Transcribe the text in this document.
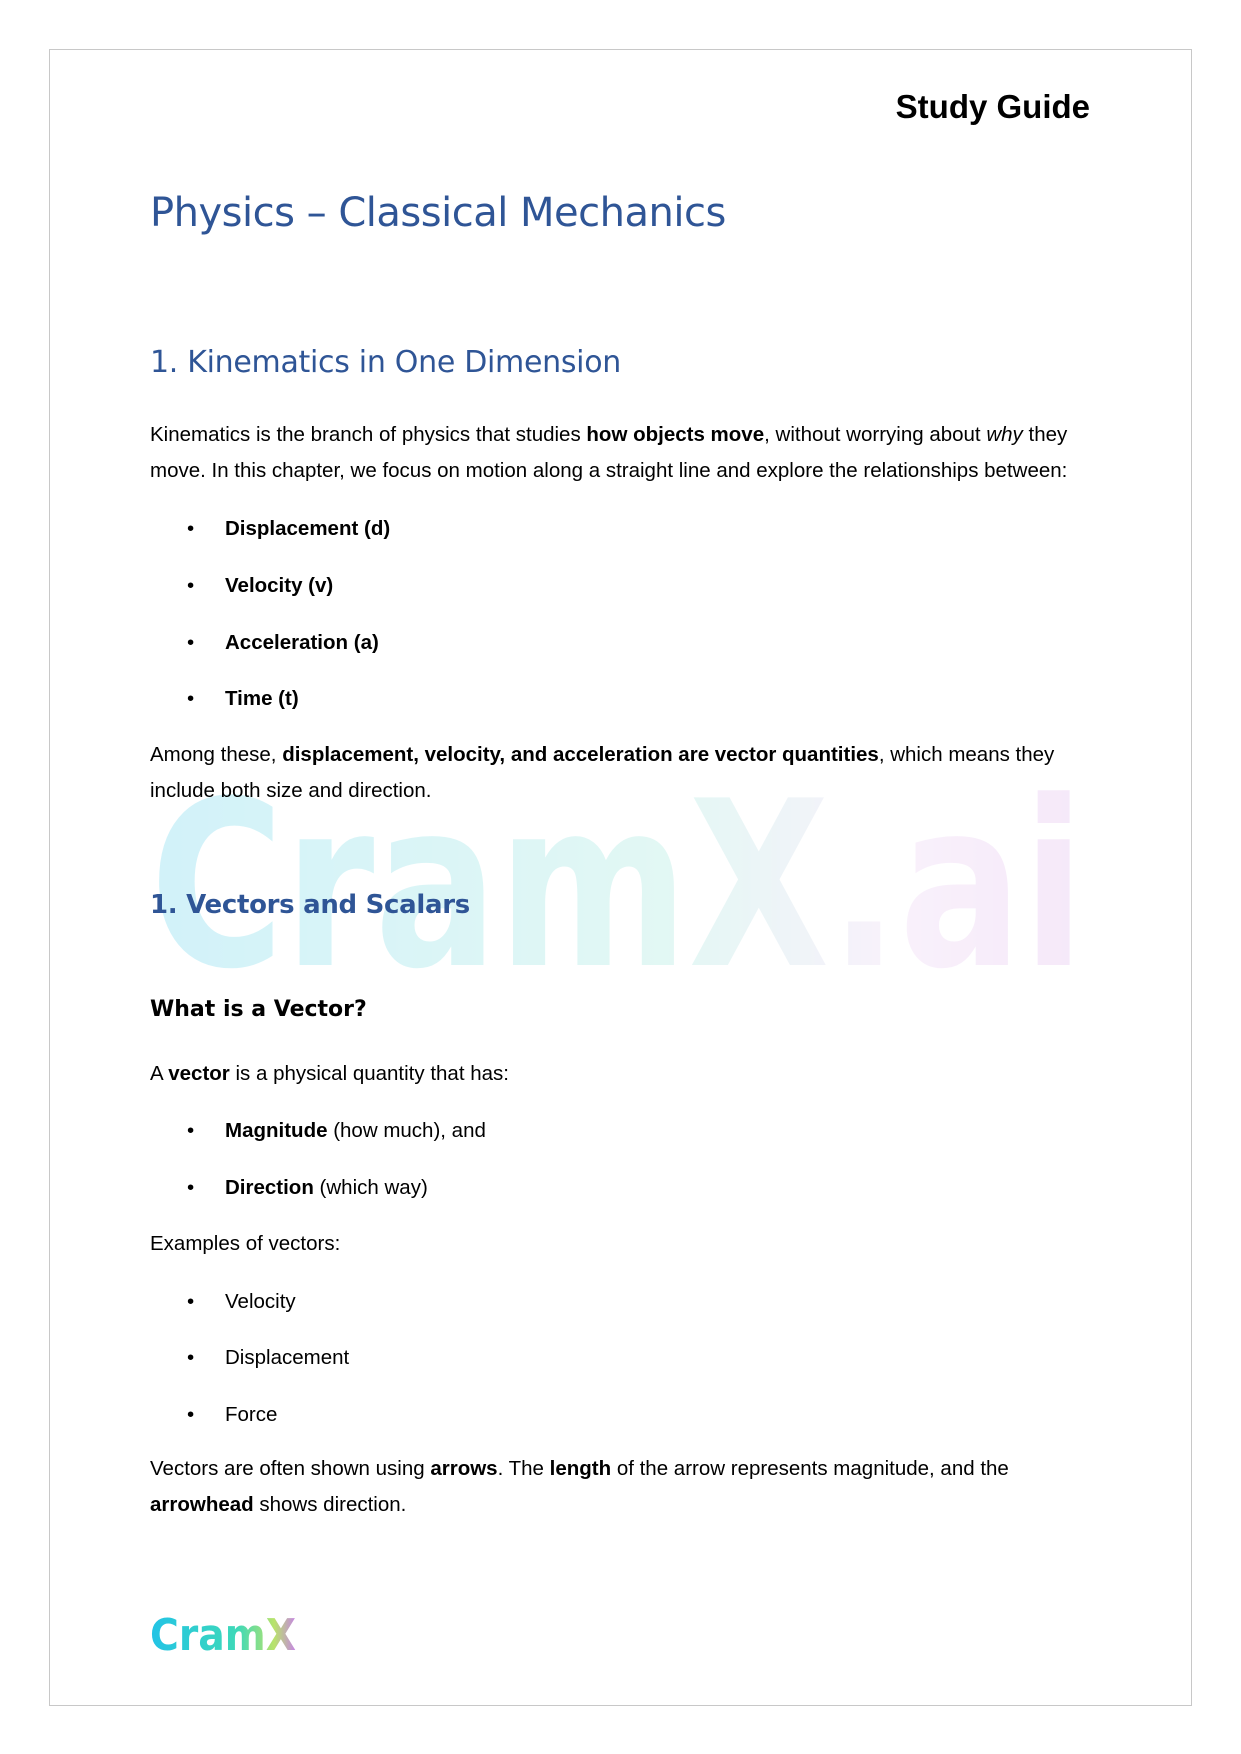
CramX.ai
Study Guide
Physics – Classical Mechanics
1. Kinematics in One Dimension
Kinematics is the branch of physics that studies how objects move, without worrying about why they move. In this chapter, we focus on motion along a straight line and explore the relationships between:
• Displacement (d)
• Velocity (v)
• Acceleration (a)
• Time (t)
Among these, displacement, velocity, and acceleration are vector quantities, which means they include both size and direction.
1. Vectors and Scalars
What is a Vector?
A vector is a physical quantity that has:
• Magnitude (how much), and
• Direction (which way)
Examples of vectors:
• Velocity
• Displacement
• Force
Vectors are often shown using arrows. The length of the arrow represents magnitude, and the arrowhead shows direction.
CramX
